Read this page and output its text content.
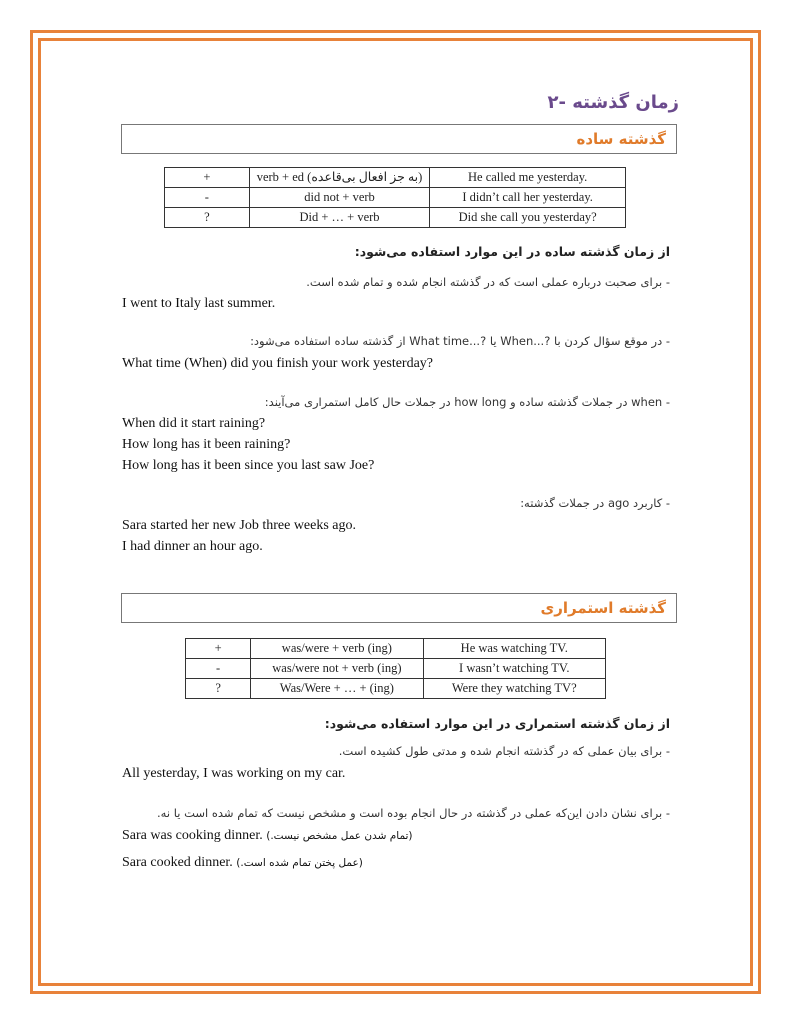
۲- زمان گذشته
گذشته ساده
+	verb + ed (به جز افعال بی‌قاعده)	He called me yesterday.
-	did not + verb	I didn’t call her yesterday.
?	Did + … + verb	Did she call you yesterday?
از زمان گذشته ساده در این موارد استفاده می‌شود:
- برای صحبت درباره عملی است که در گذشته انجام شده و تمام شده است.
I went to Italy last summer.
- در موقع سؤال کردن با ?...When یا ?...What time از گذشته ساده استفاده می‌شود:
What time (When) did you finish your work yesterday?
- when در جملات گذشته ساده و how long در جملات حال کامل استمراری می‌آیند:
When did it start raining?
How long has it been raining?
How long has it been since you last saw Joe?
- کاربرد ago در جملات گذشته:
Sara started her new Job three weeks ago.
I had dinner an hour ago.
گذشته استمراری
+	was/were + verb (ing)	He was watching TV.
-	was/were not + verb (ing)	I wasn’t watching TV.
?	Was/Were + … + (ing)	Were they watching TV?
از زمان گذشته استمراری در این موارد استفاده می‌شود:
- برای بیان عملی که در گذشته انجام شده و مدتی طول کشیده است.
All yesterday, I was working on my car.
- برای نشان دادن این‌که عملی در گذشته در حال انجام بوده است و مشخص نیست که تمام شده است یا نه.
Sara was cooking dinner. (تمام شدن عمل مشخص نیست.)
Sara cooked dinner. (عمل پختن تمام شده است.)
